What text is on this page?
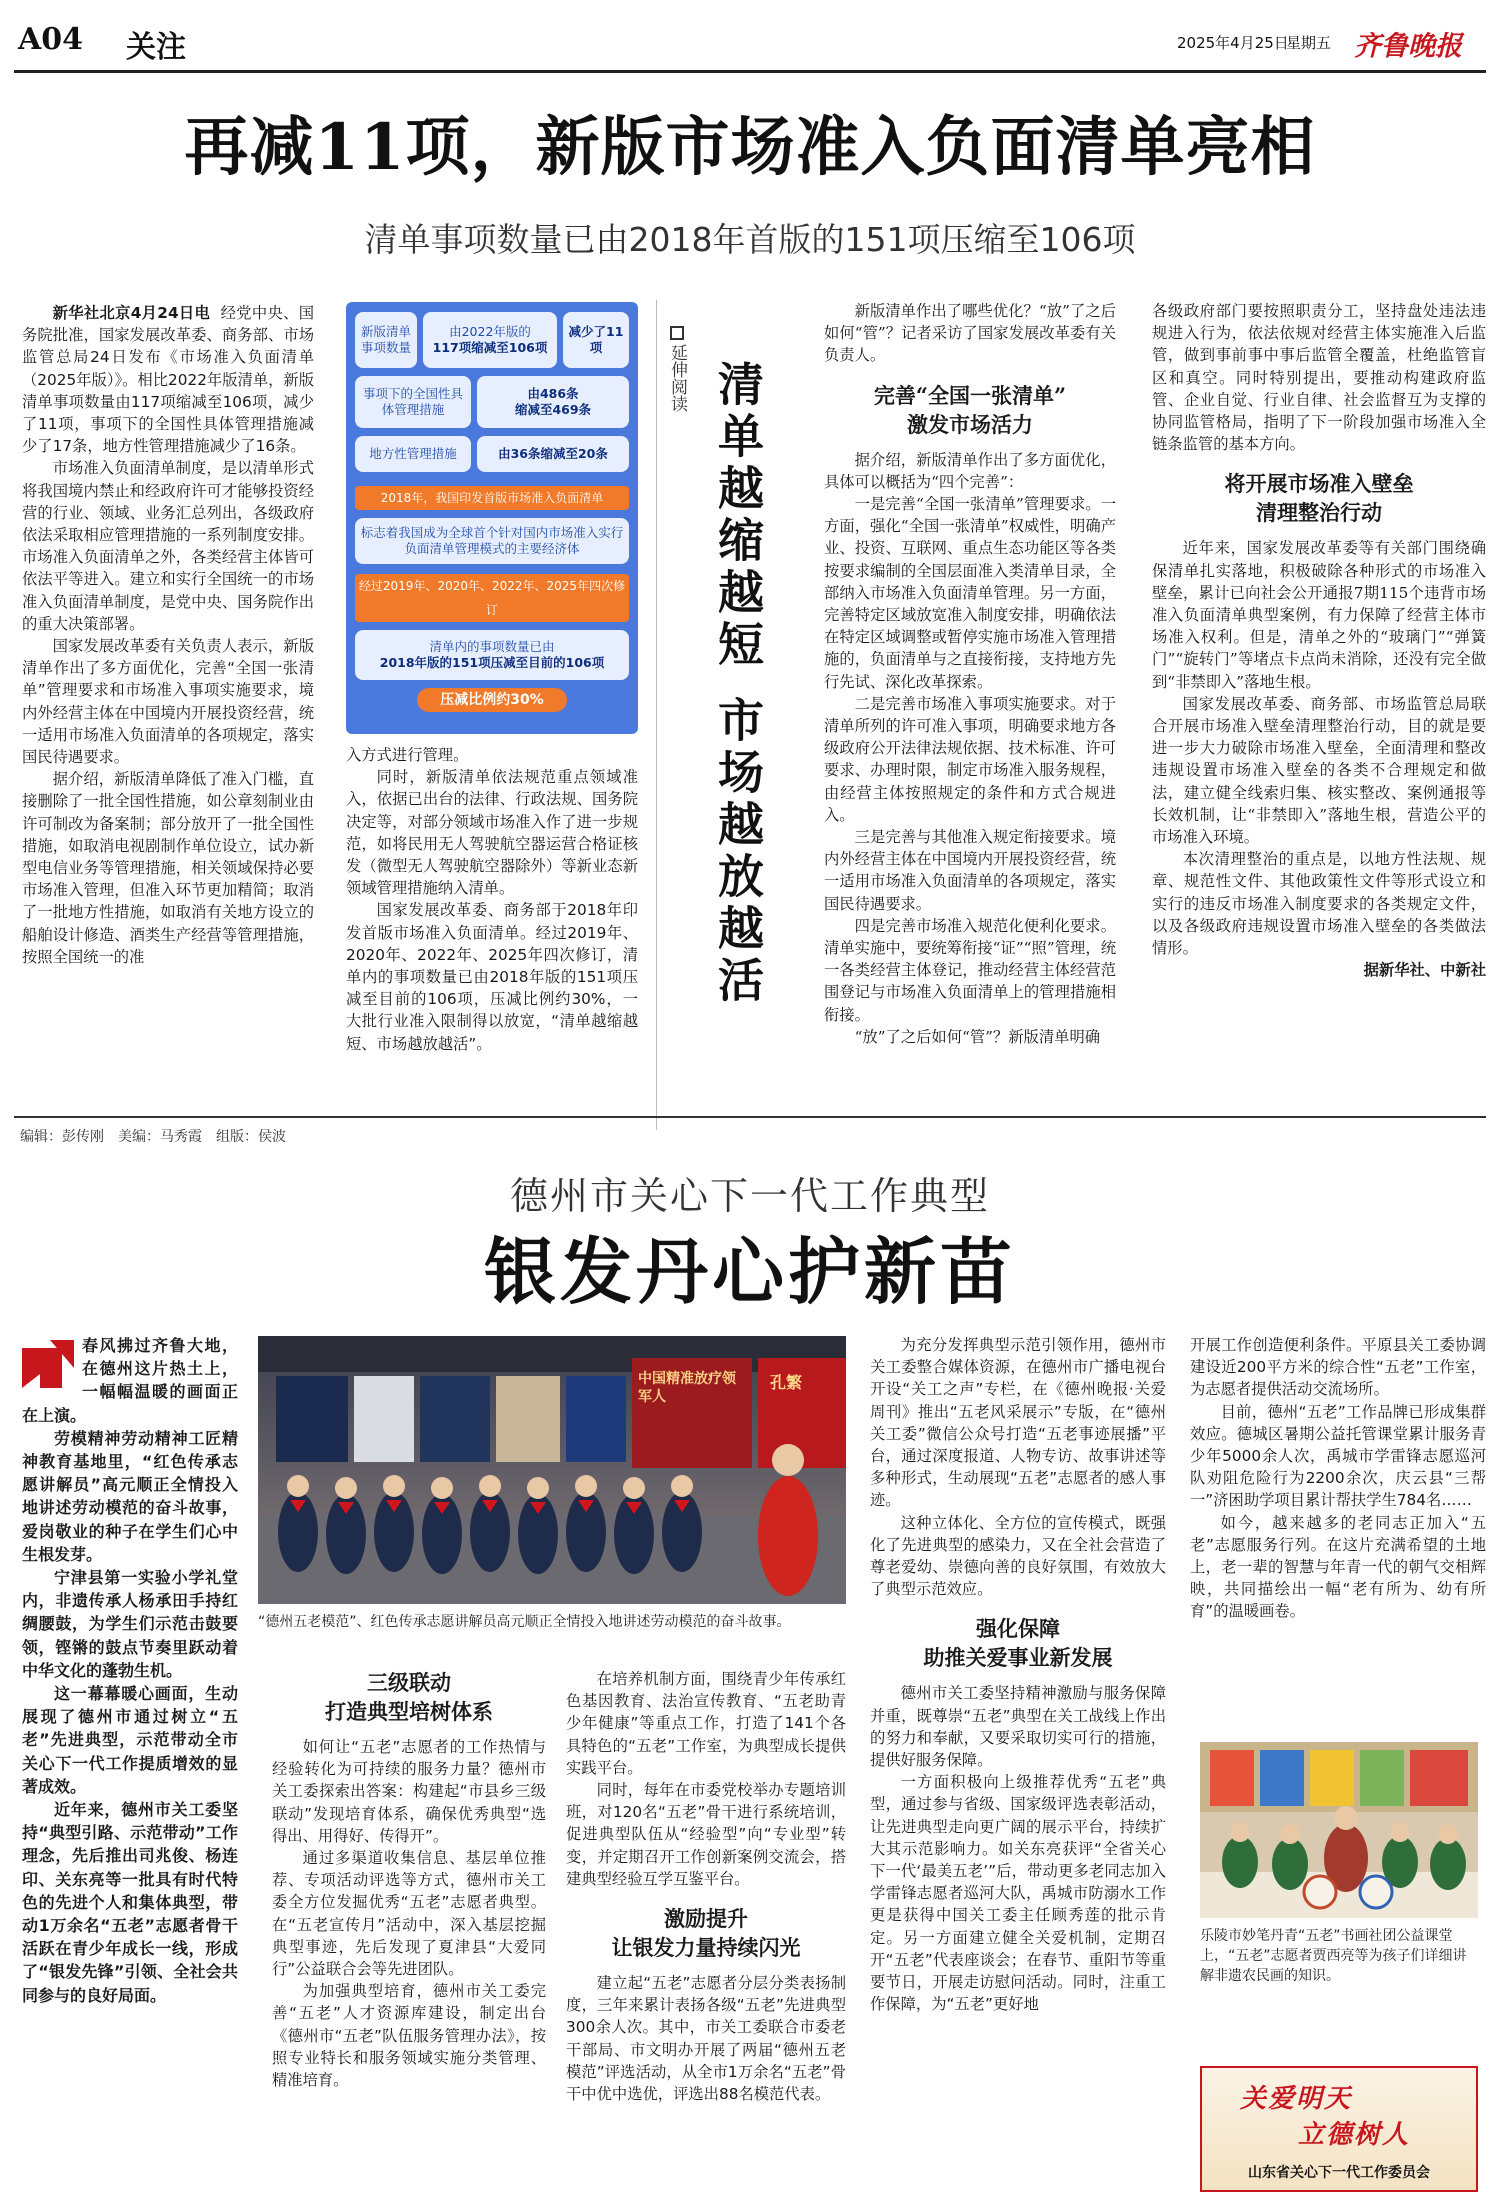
A04 关注	2025年4月25日
星期五 齐鲁晚报
再减11项，新版市场准入负面清单亮相
清单事项数量已由2018年首版的151项压缩至106项

新华社北京4月24日电 经党中央、国务院批准，国家发展改革委、商务部、市场监管总局24日发布《市场准入负面清单（2025年版）》。相比2022年版清单，新版清单事项数量由117项缩减至106项，减少了11项，事项下的全国性具体管理措施减少了17条，地方性管理措施减少了16条。

市场准入负面清单制度，是以清单形式将我国境内禁止和经政府许可才能够投资经营的行业、领域、业务汇总列出，各级政府依法采取相应管理措施的一系列制度安排。市场准入负面清单之外，各类经营主体皆可依法平等进入。建立和实行全国统一的市场准入负面清单制度，是党中央、国务院作出的重大决策部署。

国家发展改革委有关负责人表示，新版清单作出了多方面优化，完善“全国一张清单”管理要求和市场准入事项实施要求，境内外经营主体在中国境内开展投资经营，统一适用市场准入负面清单的各项规定，落实国民待遇要求。

据介绍，新版清单降低了准入门槛，直接删除了一批全国性措施，如公章刻制业由许可制改为备案制；部分放开了一批全国性措施，如取消电视剧制作单位设立，试办新型电信业务等管理措施，相关领域保持必要市场准入管理，但准入环节更加精简；取消了一批地方性措施，如取消有关地方设立的船舶设计修造、酒类生产经营等管理措施，按照全国统一的准

新版清单事项数量
由2022年版的
117项缩减至106项
减少了11项
事项下的全国性具体管理措施
由486条
缩减至469条
地方性管理措施	由36条缩减至20条
2018年，我国印发首版市场准入负面清单
标志着我国成为全球首个针对国内市场准入实行负面清单管理模式的主要经济体
经过2019年、2020年、2022年、2025年四次修订
清单内的事项数量已由
2018年版的151项压减至目前的106项
压减比例约30%

入方式进行管理。

同时，新版清单依法规范重点领域准入，依据已出台的法律、行政法规、国务院决定等，对部分领域市场准入作了进一步规范，如将民用无人驾驶航空器运营合格证核发（微型无人驾驶航空器除外）等新业态新领域管理措施纳入清单。

国家发展改革委、商务部于2018年印发首版市场准入负面清单。经过2019年、2020年、2022年、2025年四次修订，清单内的事项数量已由2018年版的151项压减至目前的106项，压减比例约30%，一大批行业准入限制得以放宽，“清单越缩越短、市场越放越活”。

延伸阅读 清单越缩越短市场越放越活

新版清单作出了哪些优化？“放”了之后如何“管”？记者采访了国家发展改革委有关负责人。

完善“全国一张清单”
激发市场活力

据介绍，新版清单作出了多方面优化，具体可以概括为“四个完善”：

一是完善“全国一张清单”管理要求。一方面，强化“全国一张清单”权威性，明确产业、投资、互联网、重点生态功能区等各类按要求编制的全国层面准入类清单目录，全部纳入市场准入负面清单管理。另一方面，完善特定区域放宽准入制度安排，明确依法在特定区域调整或暂停实施市场准入管理措施的，负面清单与之直接衔接，支持地方先行先试、深化改革探索。

二是完善市场准入事项实施要求。对于清单所列的许可准入事项，明确要求地方各级政府公开法律法规依据、技术标准、许可要求、办理时限，制定市场准入服务规程，由经营主体按照规定的条件和方式合规进入。

三是完善与其他准入规定衔接要求。境内外经营主体在中国境内开展投资经营，统一适用市场准入负面清单的各项规定，落实国民待遇要求。

四是完善市场准入规范化便利化要求。清单实施中，要统筹衔接“证”“照”管理，统一各类经营主体登记，推动经营主体经营范围登记与市场准入负面清单上的管理措施相衔接。

“放”了之后如何“管”？新版清单明确

各级政府部门要按照职责分工，坚持盘处违法违规进入行为，依法依规对经营主体实施准入后监管，做到事前事中事后监管全覆盖，杜绝监管盲区和真空。同时特别提出，要推动构建政府监管、企业自觉、行业自律、社会监督互为支撑的协同监管格局，指明了下一阶段加强市场准入全链条监管的基本方向。

将开展市场准入壁垒
清理整治行动

近年来，国家发展改革委等有关部门围绕确保清单扎实落地，积极破除各种形式的市场准入壁垒，累计已向社会公开通报7期115个违背市场准入负面清单典型案例，有力保障了经营主体市场准入权利。但是，清单之外的“玻璃门”“弹簧门”“旋转门”等堵点卡点尚未消除，还没有完全做到“非禁即入”落地生根。

国家发展改革委、商务部、市场监管总局联合开展市场准入壁垒清理整治行动，目的就是要进一步大力破除市场准入壁垒，全面清理和整改违规设置市场准入壁垒的各类不合理规定和做法，建立健全线索归集、核实整改、案例通报等长效机制，让“非禁即入”落地生根，营造公平的市场准入环境。

本次清理整治的重点是，以地方性法规、规章、规范性文件、其他政策性文件等形式设立和实行的违反市场准入制度要求的各类规定文件，以及各级政府违规设置市场准入壁垒的各类做法情形。

据新华社、中新社

编辑：彭传刚　美编：马秀霞　组版：侯波
德州市关心下一代工作典型
银发丹心护新苗

春风拂过齐鲁大地，在德州这片热土上，一幅幅温暖的画面正在上演。

劳模精神劳动精神工匠精神教育基地里，“红色传承志愿讲解员”高元顺正全情投入地讲述劳动模范的奋斗故事，爱岗敬业的种子在学生们心中生根发芽。

宁津县第一实验小学礼堂内，非遗传承人杨承田手持红绸腰鼓，为学生们示范击鼓要领，铿锵的鼓点节奏里跃动着中华文化的蓬勃生机。

这一幕幕暖心画面，生动展现了德州市通过树立“五老”先进典型，示范带动全市关心下一代工作提质增效的显著成效。

近年来，德州市关工委坚持“典型引路、示范带动”工作理念，先后推出司兆俊、杨连印、关东亮等一批具有时代特色的先进个人和集体典型，带动1万余名“五老”志愿者骨干活跃在青少年成长一线，形成了“银发先锋”引领、全社会共同参与的良好局面。

中国精准放疗领军人
孔繁
“德州五老模范”、红色传承志愿讲解员高元顺正全情投入地讲述劳动模范的奋斗故事。
三级联动
打造典型培树体系

如何让“五老”志愿者的工作热情与经验转化为可持续的服务力量？德州市关工委探索出答案：构建起“市县乡三级联动”发现培育体系，确保优秀典型“选得出、用得好、传得开”。

通过多渠道收集信息、基层单位推荐、专项活动评选等方式，德州市关工委全方位发掘优秀“五老”志愿者典型。在“五老宣传月”活动中，深入基层挖掘典型事迹，先后发现了夏津县“大爱同行”公益联合会等先进团队。

为加强典型培育，德州市关工委完善“五老”人才资源库建设，制定出台《德州市“五老”队伍服务管理办法》，按照专业特长和服务领域实施分类管理、精准培育。

在培养机制方面，围绕青少年传承红色基因教育、法治宣传教育、“五老助青少年健康”等重点工作，打造了141个各具特色的“五老”工作室，为典型成长提供实践平台。

同时，每年在市委党校举办专题培训班，对120名“五老”骨干进行系统培训，促进典型队伍从“经验型”向“专业型”转变，并定期召开工作创新案例交流会，搭建典型经验互学互鉴平台。

激励提升
让银发力量持续闪光

建立起“五老”志愿者分层分类表扬制度，三年来累计表扬各级“五老”先进典型300余人次。其中，市关工委联合市委老干部局、市文明办开展了两届“德州五老模范”评选活动，从全市1万余名“五老”骨干中优中选优，评选出88名模范代表。

为充分发挥典型示范引领作用，德州市关工委整合媒体资源，在德州市广播电视台开设“关工之声”专栏，在《德州晚报·关爱周刊》推出“五老风采展示”专版，在“德州关工委”微信公众号打造“五老事迹展播”平台，通过深度报道、人物专访、故事讲述等多种形式，生动展现“五老”志愿者的感人事迹。

这种立体化、全方位的宣传模式，既强化了先进典型的感染力，又在全社会营造了尊老爱幼、崇德向善的良好氛围，有效放大了典型示范效应。

强化保障
助推关爱事业新发展

德州市关工委坚持精神激励与服务保障并重，既尊崇“五老”典型在关工战线上作出的努力和奉献，又要采取切实可行的措施，提供好服务保障。

一方面积极向上级推荐优秀“五老”典型，通过参与省级、国家级评选表彰活动，让先进典型走向更广阔的展示平台，持续扩大其示范影响力。如关东亮获评“全省关心下一代‘最美五老’”后，带动更多老同志加入学雷锋志愿者巡河大队，禹城市防溺水工作更是获得中国关工委主任顾秀莲的批示肯定。另一方面建立健全关爱机制，定期召开“五老”代表座谈会；在春节、重阳节等重要节日，开展走访慰问活动。同时，注重工作保障，为“五老”更好地

开展工作创造便利条件。平原县关工委协调建设近200平方米的综合性“五老”工作室，为志愿者提供活动交流场所。

目前，德州“五老”工作品牌已形成集群效应。德城区暑期公益托管课堂累计服务青少年5000余人次，禹城市学雷锋志愿巡河队劝阻危险行为2200余次，庆云县“三帮一”济困助学项目累计帮扶学生784名……

如今，越来越多的老同志正加入“五老”志愿服务行列。在这片充满希望的土地上，老一辈的智慧与年青一代的朝气交相辉映，共同描绘出一幅“老有所为、幼有所育”的温暖画卷。

乐陵市妙笔丹青“五老”书画社团公益课堂上，“五老”志愿者贾西亮等为孩子们详细讲解非遗农民画的知识。
关爱明天
立德树人
山东省关心下一代工作委员会
